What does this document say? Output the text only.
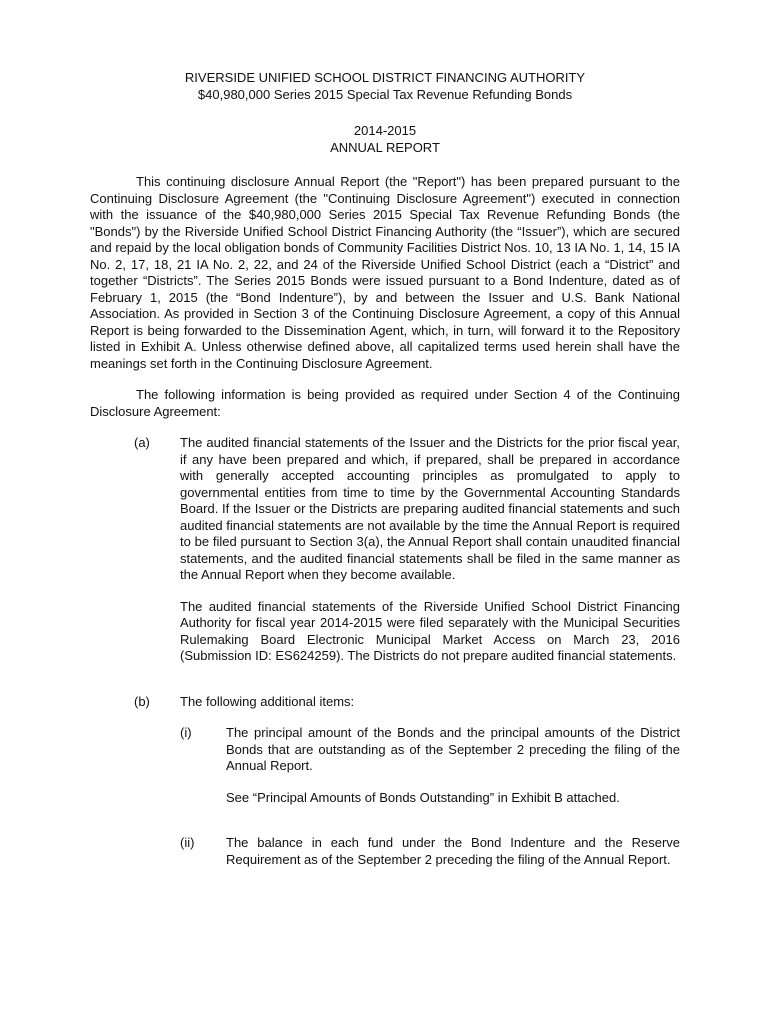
RIVERSIDE UNIFIED SCHOOL DISTRICT FINANCING AUTHORITY

$40,980,000 Series 2015 Special Tax Revenue Refunding Bonds

2014-2015

ANNUAL REPORT

This continuing disclosure Annual Report (the "Report") has been prepared pursuant to the Continuing Disclosure Agreement (the "Continuing Disclosure Agreement") executed in connection with the issuance of the $40,980,000 Series 2015 Special Tax Revenue Refunding Bonds (the "Bonds") by the Riverside Unified School District Financing Authority (the “Issuer”), which are secured and repaid by the local obligation bonds of Community Facilities District Nos. 10, 13 IA No. 1, 14, 15 IA No. 2, 17, 18, 21 IA No. 2, 22, and 24 of the Riverside Unified School District (each a “District” and together “Districts”. The Series 2015 Bonds were issued pursuant to a Bond Indenture, dated as of February 1, 2015 (the “Bond Indenture”), by and between the Issuer and U.S. Bank National Association. As provided in Section 3 of the Continuing Disclosure Agreement, a copy of this Annual Report is being forwarded to the Dissemination Agent, which, in turn, will forward it to the Repository listed in Exhibit A. Unless otherwise defined above, all capitalized terms used herein shall have the meanings set forth in the Continuing Disclosure Agreement.

The following information is being provided as required under Section 4 of the Continuing Disclosure Agreement:

(a)	The audited financial statements of the Issuer and the Districts for the prior fiscal year, if any have been prepared and which, if prepared, shall be prepared in accordance with generally accepted accounting principles as promulgated to apply to governmental entities from time to time by the Governmental Accounting Standards Board. If the Issuer or the Districts are preparing audited financial statements and such audited financial statements are not available by the time the Annual Report is required to be filed pursuant to Section 3(a), the Annual Report shall contain unaudited financial statements, and the audited financial statements shall be filed in the same manner as the Annual Report when they become available.

The audited financial statements of the Riverside Unified School District Financing Authority for fiscal year 2014-2015 were filed separately with the Municipal Securities Rulemaking Board Electronic Municipal Market Access on March 23, 2016 (Submission ID: ES624259). The Districts do not prepare audited financial statements.

(b)	The following additional items:

(i)	The principal amount of the Bonds and the principal amounts of the District Bonds that are outstanding as of the September 2 preceding the filing of the Annual Report.

See “Principal Amounts of Bonds Outstanding” in Exhibit B attached.

(ii)	The balance in each fund under the Bond Indenture and the Reserve Requirement as of the September 2 preceding the filing of the Annual Report.
